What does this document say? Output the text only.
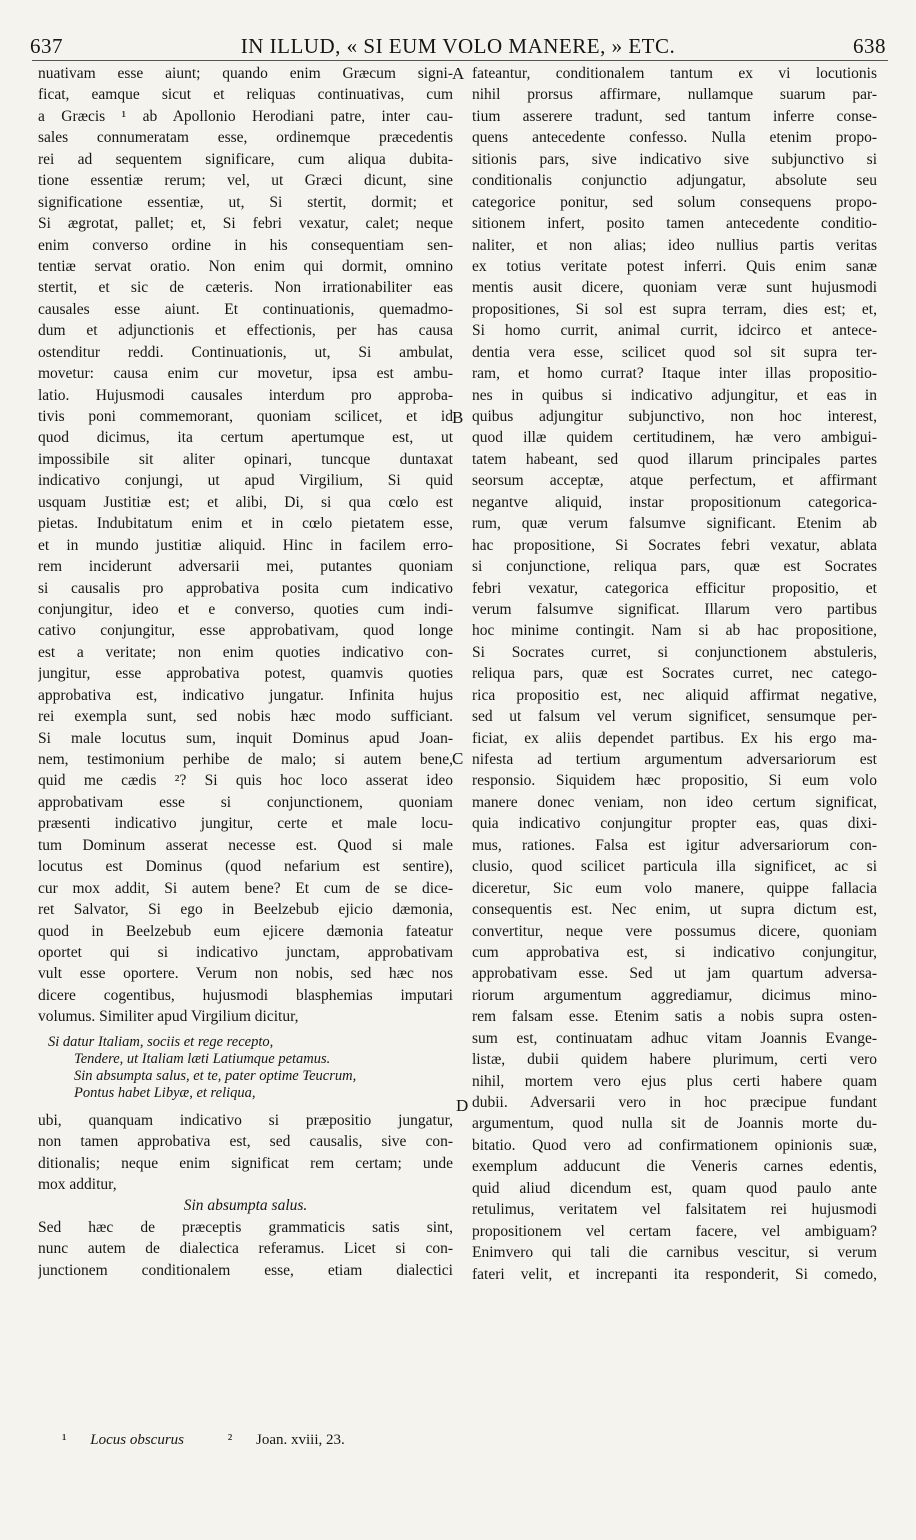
637	IN ILLUD, « SI EUM VOLO MANERE, » ETC.	638
nuativam esse aiunt; quando enim Græcum signi-
ficat, eamque sicut et reliquas continuativas, cum
a Græcis ¹ ab Apollonio Herodiani patre, inter cau-
sales connumeratam esse, ordinemque præcedentis
rei ad sequentem significare, cum aliqua dubita-
tione essentiæ rerum; vel, ut Græci dicunt, sine
significatione essentiæ, ut, Si stertit, dormit; et
Si ægrotat, pallet; et, Si febri vexatur, calet; neque
enim converso ordine in his consequentiam sen-
tentiæ servat oratio. Non enim qui dormit, omnino
stertit, et sic de cæteris. Non irrationabiliter eas
causales esse aiunt. Et continuationis, quemadmo-
dum et adjunctionis et effectionis, per has causa
ostenditur reddi. Continuationis, ut, Si ambulat,
movetur: causa enim cur movetur, ipsa est ambu-
latio. Hujusmodi causales interdum pro approba-
tivis poni commemorant, quoniam scilicet, et id
quod dicimus, ita certum apertumque est, ut
impossibile sit aliter opinari, tuncque duntaxat
indicativo conjungi, ut apud Virgilium, Si quid
usquam Justitiæ est; et alibi, Di, si qua cœlo est
pietas. Indubitatum enim et in cœlo pietatem esse,
et in mundo justitiæ aliquid. Hinc in facilem erro-
rem inciderunt adversarii mei, putantes quoniam
si causalis pro approbativa posita cum indicativo
conjungitur, ideo et e converso, quoties cum indi-
cativo conjungitur, esse approbativam, quod longe
est a veritate; non enim quoties indicativo con-
jungitur, esse approbativa potest, quamvis quoties
approbativa est, indicativo jungatur. Infinita hujus
rei exempla sunt, sed nobis hæc modo sufficiant.
Si male locutus sum, inquit Dominus apud Joan-
nem, testimonium perhibe de malo; si autem bene,
quid me cædis ²? Si quis hoc loco asserat ideo
approbativam esse si conjunctionem, quoniam
præsenti indicativo jungitur, certe et male locu-
tum Dominum asserat necesse est. Quod si male
locutus est Dominus (quod nefarium est sentire),
cur mox addit, Si autem bene? Et cum de se dice-
ret Salvator, Si ego in Beelzebub ejicio dæmonia,
quod in Beelzebub eum ejicere dæmonia fateatur
oportet qui si indicativo junctam, approbativam
vult esse oportere. Verum non nobis, sed hæc nos
dicere cogentibus, hujusmodi blasphemias imputari
volumus. Similiter apud Virgilium dicitur,
Si datur Italiam, sociis et rege recepto,
Tendere, ut Italiam læti Latiumque petamus.
Sin absumpta salus, et te, pater optime Teucrum,
Pontus habet Libyæ, et reliqua,
ubi, quanquam indicativo si præpositio jungatur,
non tamen approbativa est, sed causalis, sive con-
ditionalis; neque enim significat rem certam; unde
mox additur,
Sin absumpta salus.
Sed hæc de præceptis grammaticis satis sint,
nunc autem de dialectica referamus. Licet si con-
junctionem conditionalem esse, etiam dialectici
fateantur, conditionalem tantum ex vi locutionis
nihil prorsus affirmare, nullamque suarum par-
tium asserere tradunt, sed tantum inferre conse-
quens antecedente confesso. Nulla etenim propo-
sitionis pars, sive indicativo sive subjunctivo si
conditionalis conjunctio adjungatur, absolute seu
categorice ponitur, sed solum consequens propo-
sitionem infert, posito tamen antecedente conditio-
naliter, et non alias; ideo nullius partis veritas
ex totius veritate potest inferri. Quis enim sanæ
mentis ausit dicere, quoniam veræ sunt hujusmodi
propositiones, Si sol est supra terram, dies est; et,
Si homo currit, animal currit, idcirco et antece-
dentia vera esse, scilicet quod sol sit supra ter-
ram, et homo currat? Itaque inter illas propositio-
nes in quibus si indicativo adjungitur, et eas in
quibus adjungitur subjunctivo, non hoc interest,
quod illæ quidem certitudinem, hæ vero ambigui-
tatem habeant, sed quod illarum principales partes
seorsum acceptæ, atque perfectum, et affirmant
negantve aliquid, instar propositionum categorica-
rum, quæ verum falsumve significant. Etenim ab
hac propositione, Si Socrates febri vexatur, ablata
si conjunctione, reliqua pars, quæ est Socrates
febri vexatur, categorica efficitur propositio, et
verum falsumve significat. Illarum vero partibus
hoc minime contingit. Nam si ab hac propositione,
Si Socrates curret, si conjunctionem abstuleris,
reliqua pars, quæ est Socrates curret, nec catego-
rica propositio est, nec aliquid affirmat negative,
sed ut falsum vel verum significet, sensumque per-
ficiat, ex aliis dependet partibus. Ex his ergo ma-
nifesta ad tertium argumentum adversariorum est
responsio. Siquidem hæc propositio, Si eum volo
manere donec veniam, non ideo certum significat,
quia indicativo conjungitur propter eas, quas dixi-
mus, rationes. Falsa est igitur adversariorum con-
clusio, quod scilicet particula illa significet, ac si
diceretur, Sic eum volo manere, quippe fallacia
consequentis est. Nec enim, ut supra dictum est,
convertitur, neque vere possumus dicere, quoniam
cum approbativa est, si indicativo conjungitur,
approbativam esse. Sed ut jam quartum adversa-
riorum argumentum aggrediamur, dicimus mino-
rem falsam esse. Etenim satis a nobis supra osten-
sum est, continuatam adhuc vitam Joannis Evange-
listæ, dubii quidem habere plurimum, certi vero
nihil, mortem vero ejus plus certi habere quam
dubii. Adversarii vero in hoc præcipue fundant
argumentum, quod nulla sit de Joannis morte du-
bitatio. Quod vero ad confirmationem opinionis suæ,
exemplum adducunt die Veneris carnes edentis,
quid aliud dicendum est, quam quod paulo ante
retulimus, veritatem vel falsitatem rei hujusmodi
propositionem vel certam facere, vel ambiguam?
Enimvero qui tali die carnibus vescitur, si verum
fateri velit, et increpanti ita responderit, Si comedo,
A
B
C
D
¹ Locus obscurus	² Joan. xviii, 23.
